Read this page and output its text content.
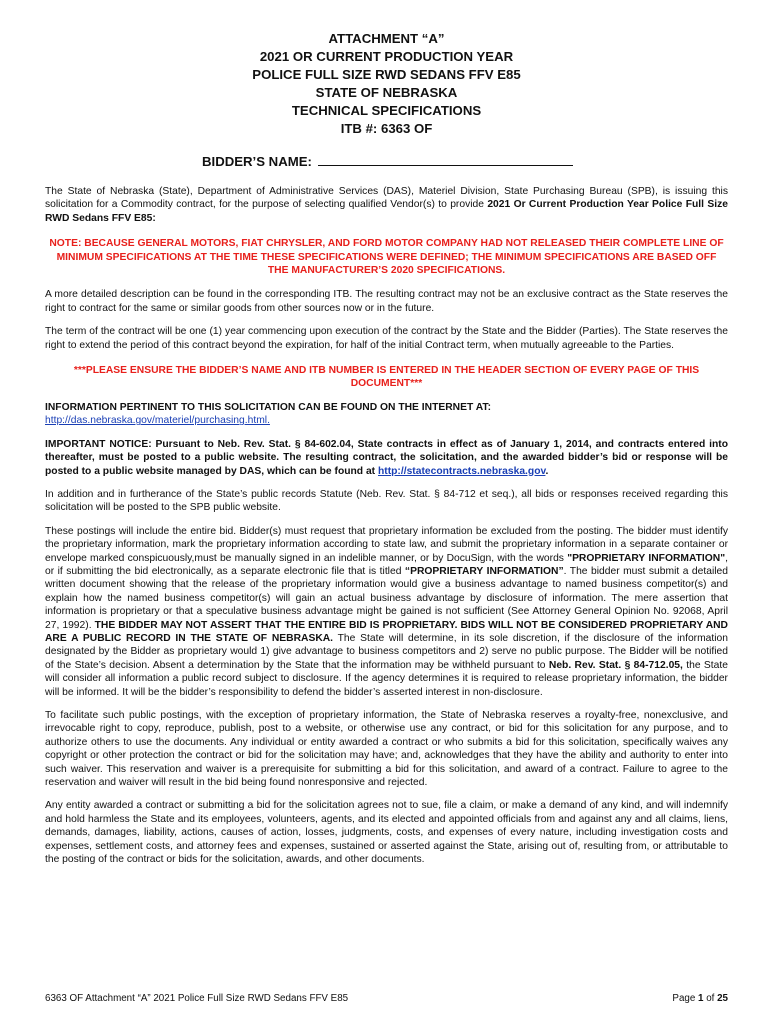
ATTACHMENT “A”
2021 OR CURRENT PRODUCTION YEAR
POLICE FULL SIZE RWD SEDANS FFV E85
STATE OF NEBRASKA
TECHNICAL SPECIFICATIONS
ITB #: 6363 OF
BIDDER’S NAME:

The State of Nebraska (State), Department of Administrative Services (DAS), Materiel Division, State Purchasing Bureau (SPB), is issuing this solicitation for a Commodity contract, for the purpose of selecting qualified Vendor(s) to provide 2021 Or Current Production Year Police Full Size RWD Sedans FFV E85:

NOTE: BECAUSE GENERAL MOTORS, FIAT CHRYSLER, AND FORD MOTOR COMPANY HAD NOT RELEASED THEIR COMPLETE LINE OF MINIMUM SPECIFICATIONS AT THE TIME THESE SPECIFICATIONS WERE DEFINED; THE MINIMUM SPECIFICATIONS ARE BASED OFF THE MANUFACTURER’S 2020 SPECIFICATIONS.

A more detailed description can be found in the corresponding ITB. The resulting contract may not be an exclusive contract as the State reserves the right to contract for the same or similar goods from other sources now or in the future.

The term of the contract will be one (1) year commencing upon execution of the contract by the State and the Bidder (Parties). The State reserves the right to extend the period of this contract beyond the expiration, for half of the initial Contract term, when mutually agreeable to the Parties.

***PLEASE ENSURE THE BIDDER’S NAME AND ITB NUMBER IS ENTERED IN THE HEADER SECTION OF EVERY PAGE OF THIS DOCUMENT***

INFORMATION PERTINENT TO THIS SOLICITATION CAN BE FOUND ON THE INTERNET AT:
http://das.nebraska.gov/materiel/purchasing.html.

IMPORTANT NOTICE: Pursuant to Neb. Rev. Stat. § 84-602.04, State contracts in effect as of January 1, 2014, and contracts entered into thereafter, must be posted to a public website. The resulting contract, the solicitation, and the awarded bidder’s bid or response will be posted to a public website managed by DAS, which can be found at http://statecontracts.nebraska.gov.

In addition and in furtherance of the State’s public records Statute (Neb. Rev. Stat. § 84-712 et seq.), all bids or responses received regarding this solicitation will be posted to the SPB public website.

These postings will include the entire bid. Bidder(s) must request that proprietary information be excluded from the posting. The bidder must identify the proprietary information, mark the proprietary information according to state law, and submit the proprietary information in a separate container or envelope marked conspicuously,must be manually signed in an indelible manner, or by DocuSign, with the words "PROPRIETARY INFORMATION", or if submitting the bid electronically, as a separate electronic file that is titled “PROPRIETARY INFORMATION”. The bidder must submit a detailed written document showing that the release of the proprietary information would give a business advantage to named business competitor(s) and explain how the named business competitor(s) will gain an actual business advantage by disclosure of information. The mere assertion that information is proprietary or that a speculative business advantage might be gained is not sufficient (See Attorney General Opinion No. 92068, April 27, 1992). THE BIDDER MAY NOT ASSERT THAT THE ENTIRE BID IS PROPRIETARY. BIDS WILL NOT BE CONSIDERED PROPRIETARY AND ARE A PUBLIC RECORD IN THE STATE OF NEBRASKA. The State will determine, in its sole discretion, if the disclosure of the information designated by the Bidder as proprietary would 1) give advantage to business competitors and 2) serve no public purpose. The Bidder will be notified of the State’s decision. Absent a determination by the State that the information may be withheld pursuant to Neb. Rev. Stat. § 84-712.05, the State will consider all information a public record subject to disclosure. If the agency determines it is required to release proprietary information, the bidder will be informed. It will be the bidder’s responsibility to defend the bidder’s asserted interest in non-disclosure.

To facilitate such public postings, with the exception of proprietary information, the State of Nebraska reserves a royalty-free, nonexclusive, and irrevocable right to copy, reproduce, publish, post to a website, or otherwise use any contract, or bid for this solicitation for any purpose, and to authorize others to use the documents. Any individual or entity awarded a contract or who submits a bid for this solicitation, specifically waives any copyright or other protection the contract or bid for the solicitation may have; and, acknowledges that they have the ability and authority to enter into such waiver. This reservation and waiver is a prerequisite for submitting a bid for this solicitation, and award of a contract. Failure to agree to the reservation and waiver will result in the bid being found nonresponsive and rejected.

Any entity awarded a contract or submitting a bid for the solicitation agrees not to sue, file a claim, or make a demand of any kind, and will indemnify and hold harmless the State and its employees, volunteers, agents, and its elected and appointed officials from and against any and all claims, liens, demands, damages, liability, actions, causes of action, losses, judgments, costs, and expenses of every nature, including investigation costs and expenses, settlement costs, and attorney fees and expenses, sustained or asserted against the State, arising out of, resulting from, or attributable to the posting of the contract or bids for the solicitation, awards, and other documents.

6363 OF Attachment “A” 2021 Police Full Size RWD Sedans FFV E85	Page 1 of 25
